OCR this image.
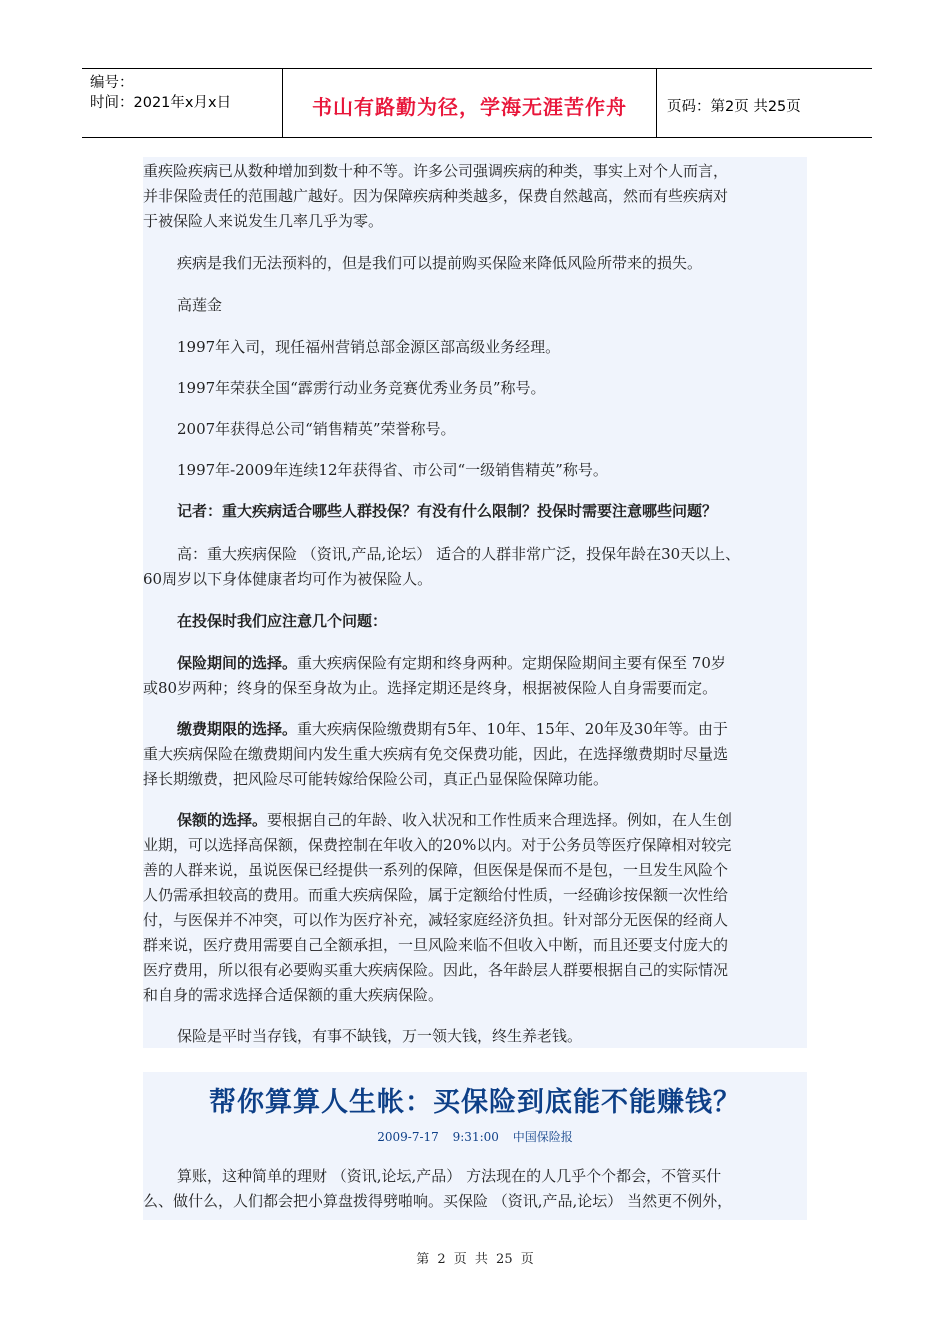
编号：
时间：2021年x月x日	书山有路勤为径，学海无涯苦作舟	页码：第2页 共25页
重疾险疾病已从数种增加到数十种不等。许多公司强调疾病的种类，事实上对个人而言，
并非保险责任的范围越广越好。因为保障疾病种类越多，保费自然越高，然而有些疾病对
于被保险人来说发生几率几乎为零。
疾病是我们无法预料的，但是我们可以提前购买保险来降低风险所带来的损失。
高莲金
1997年入司，现任福州营销总部金源区部高级业务经理。
1997年荣获全国“霹雳行动业务竞赛优秀业务员”称号。
2007年获得总公司“销售精英”荣誉称号。
1997年-2009年连续12年获得省、市公司“一级销售精英”称号。
记者：重大疾病适合哪些人群投保？有没有什么限制？投保时需要注意哪些问题？
高：重大疾病保险 （资讯,产品,论坛） 适合的人群非常广泛，投保年龄在30天以上、
60周岁以下身体健康者均可作为被保险人。
在投保时我们应注意几个问题：
保险期间的选择。重大疾病保险有定期和终身两种。定期保险期间主要有保至 70岁
或80岁两种；终身的保至身故为止。选择定期还是终身，根据被保险人自身需要而定。
缴费期限的选择。重大疾病保险缴费期有5年、10年、15年、20年及30年等。由于
重大疾病保险在缴费期间内发生重大疾病有免交保费功能，因此，在选择缴费期时尽量选
择长期缴费，把风险尽可能转嫁给保险公司，真正凸显保险保障功能。
保额的选择。要根据自己的年龄、收入状况和工作性质来合理选择。例如，在人生创
业期，可以选择高保额，保费控制在年收入的20%以内。对于公务员等医疗保障相对较完
善的人群来说，虽说医保已经提供一系列的保障，但医保是保而不是包，一旦发生风险个
人仍需承担较高的费用。而重大疾病保险，属于定额给付性质，一经确诊按保额一次性给
付，与医保并不冲突，可以作为医疗补充，减轻家庭经济负担。针对部分无医保的经商人
群来说，医疗费用需要自己全额承担，一旦风险来临不但收入中断，而且还要支付庞大的
医疗费用，所以很有必要购买重大疾病保险。因此，各年龄层人群要根据自己的实际情况
和自身的需求选择合适保额的重大疾病保险。
保险是平时当存钱，有事不缺钱，万一领大钱，终生养老钱。
帮你算算人生帐：买保险到底能不能赚钱？
2009-7-17 9:31:00 中国保险报
算账，这种简单的理财 （资讯,论坛,产品） 方法现在的人几乎个个都会，不管买什
么、做什么，人们都会把小算盘拨得劈啪响。买保险 （资讯,产品,论坛） 当然更不例外，
第 2 页 共 25 页
